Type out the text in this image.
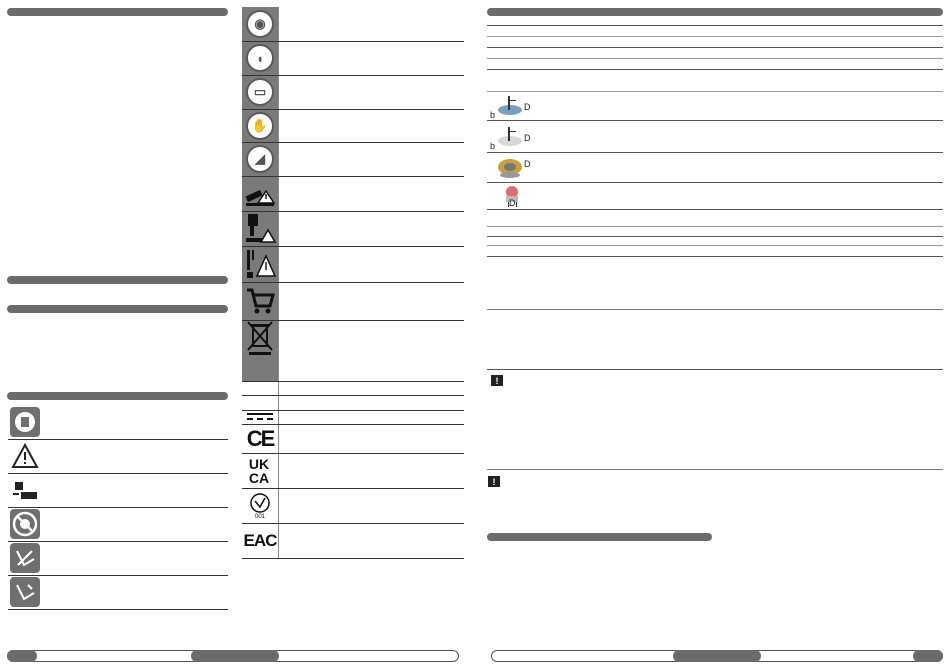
◉
◖
▭
✋
◢
CE
UK CA
001
EAC
b
D
b
D
D
D
!
!
